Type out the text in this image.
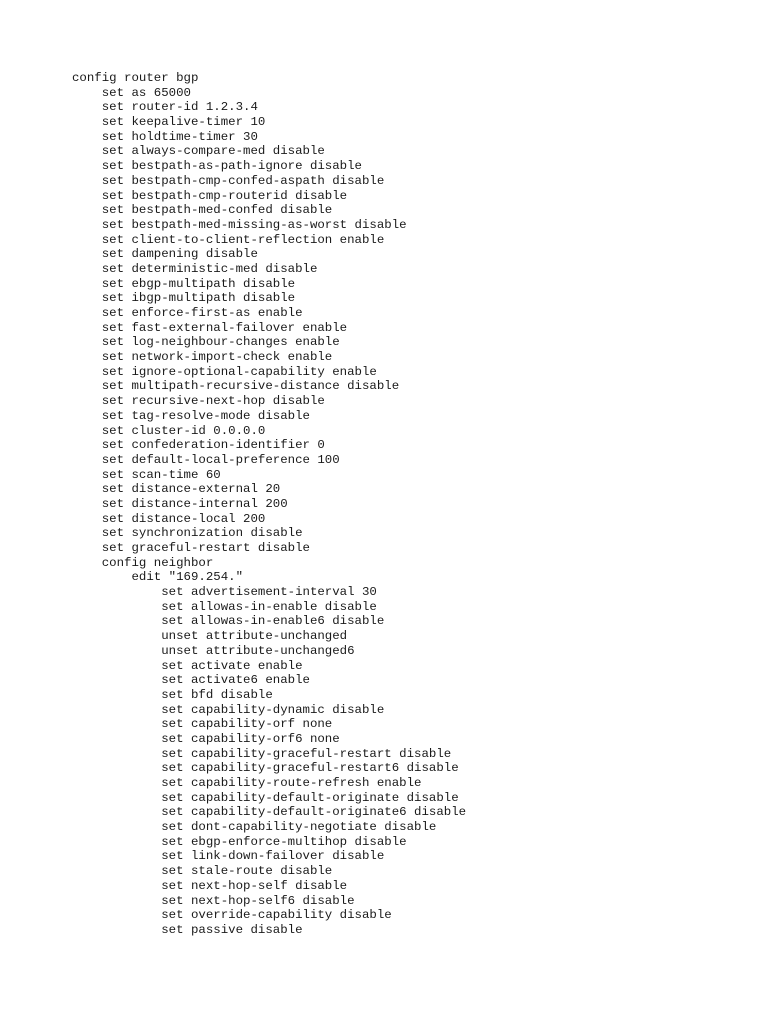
config router bgp
set as 65000
set router-id 1.2.3.4
set keepalive-timer 10
set holdtime-timer 30
set always-compare-med disable
set bestpath-as-path-ignore disable
set bestpath-cmp-confed-aspath disable
set bestpath-cmp-routerid disable
set bestpath-med-confed disable
set bestpath-med-missing-as-worst disable
set client-to-client-reflection enable
set dampening disable
set deterministic-med disable
set ebgp-multipath disable
set ibgp-multipath disable
set enforce-first-as enable
set fast-external-failover enable
set log-neighbour-changes enable
set network-import-check enable
set ignore-optional-capability enable
set multipath-recursive-distance disable
set recursive-next-hop disable
set tag-resolve-mode disable
set cluster-id 0.0.0.0
set confederation-identifier 0
set default-local-preference 100
set scan-time 60
set distance-external 20
set distance-internal 200
set distance-local 200
set synchronization disable
set graceful-restart disable
config neighbor
edit "169.254."
set advertisement-interval 30
set allowas-in-enable disable
set allowas-in-enable6 disable
unset attribute-unchanged
unset attribute-unchanged6
set activate enable
set activate6 enable
set bfd disable
set capability-dynamic disable
set capability-orf none
set capability-orf6 none
set capability-graceful-restart disable
set capability-graceful-restart6 disable
set capability-route-refresh enable
set capability-default-originate disable
set capability-default-originate6 disable
set dont-capability-negotiate disable
set ebgp-enforce-multihop disable
set link-down-failover disable
set stale-route disable
set next-hop-self disable
set next-hop-self6 disable
set override-capability disable
set passive disable
